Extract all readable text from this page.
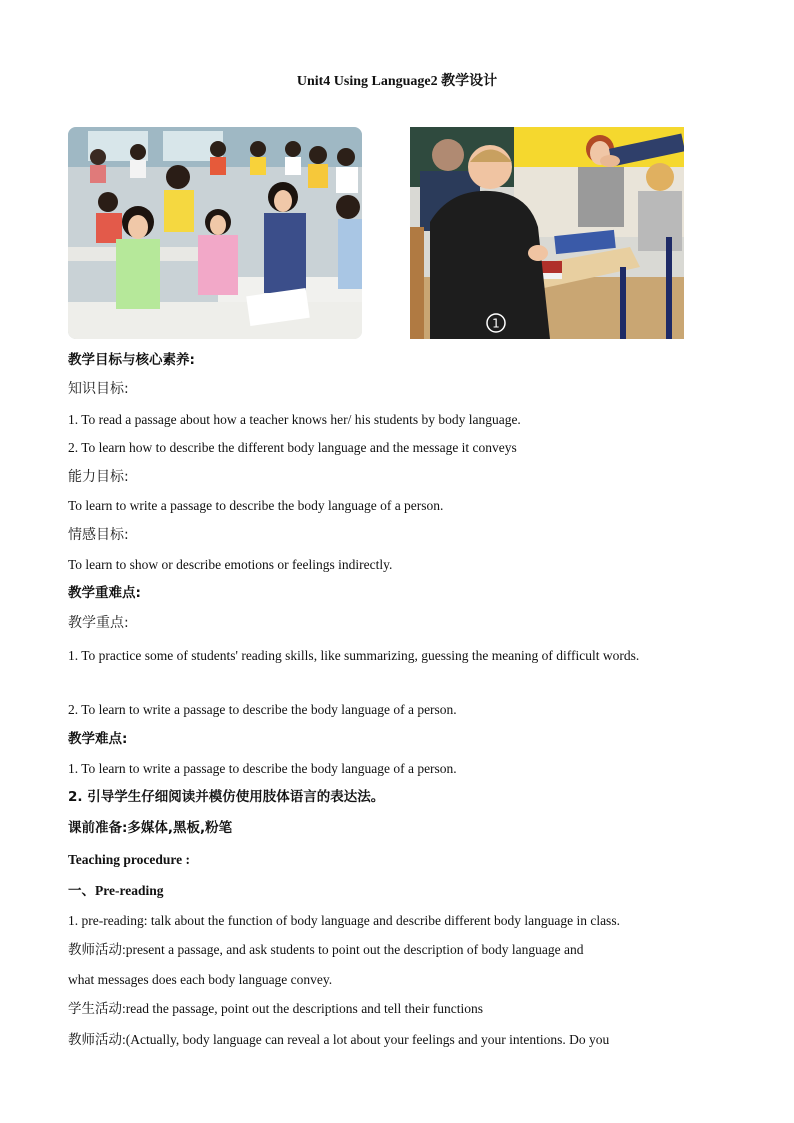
Unit4 Using Language2 教学设计
1
教学目标与核心素养:
知识目标:
1. To read a passage about how a teacher knows her/ his students by body language.
2. To learn how to describe the different body language and the message it conveys
能力目标:
To learn to write a passage to describe the body language of a person.
情感目标:
To learn to show or describe emotions or feelings indirectly.
教学重难点:
教学重点:
1. To practice some of students' reading skills, like summarizing, guessing the meaning of difficult words.
2. To learn to write a passage to describe the body language of a person.
教学难点:
1. To learn to write a passage to describe the body language of a person.
2. 引导学生仔细阅读并模仿使用肢体语言的表达法。
课前准备:多媒体,黑板,粉笔
Teaching procedure :
一、Pre-reading
1. pre-reading: talk about the function of body language and describe different body language in class.
教师活动:present a passage, and ask students to point out the description of body language and
what messages does each body language convey.
学生活动:read the passage, point out the descriptions and tell their functions
教师活动:(Actually, body language can reveal a lot about your feelings and your intentions. Do you
